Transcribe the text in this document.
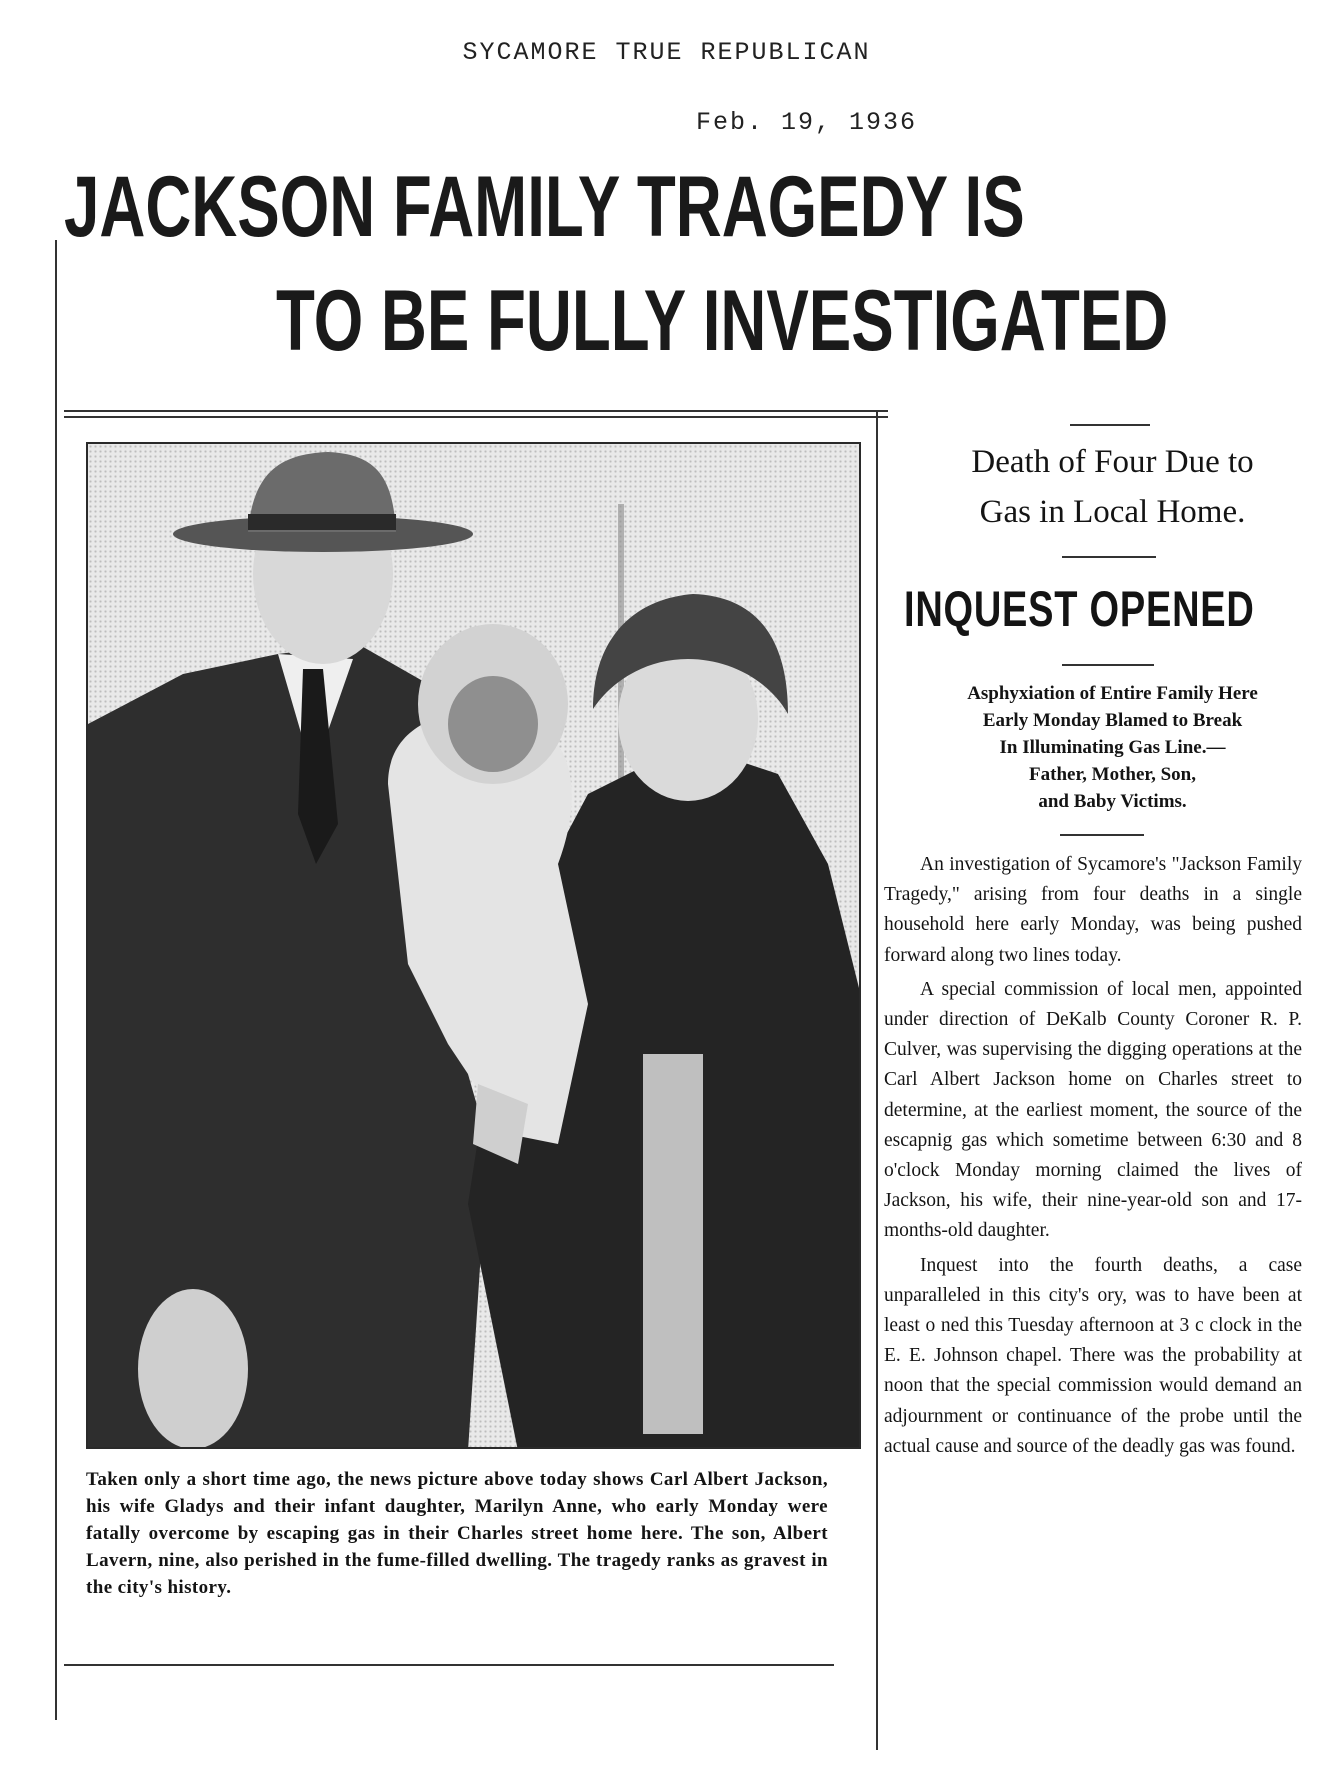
SYCAMORE TRUE REPUBLICAN
Feb. 19, 1936
JACKSON FAMILY TRAGEDY IS
TO BE FULLY INVESTIGATED

Taken only a short time ago, the news picture above today shows Carl Albert Jackson, his wife Gladys and their infant daughter, Marilyn Anne, who early Monday were fatally overcome by escaping gas in their Charles street home here. The son, Albert Lavern, nine, also perished in the fume-filled dwelling. The tragedy ranks as gravest in the city's history.

Death of Four Due to
Gas in Local Home.
INQUEST OPENED
Asphyxiation of Entire Family Here
Early Monday Blamed to Break
In Illuminating Gas Line.—
Father, Mother, Son,
and Baby Victims.

An investigation of Sycamore's "Jackson Family Tragedy," arising from four deaths in a single household here early Monday, was being pushed forward along two lines today.

A special commission of local men, appointed under direction of DeKalb County Coroner R. P. Culver, was supervising the digging operations at the Carl Albert Jackson home on Charles street to determine, at the earliest moment, the source of the escapnig gas which sometime between 6:30 and 8 o'clock Monday morning claimed the lives of Jackson, his wife, their nine-year-old son and 17-months-old daughter.

Inquest into the fourth deaths, a case unparalleled in this city's ory, was to have been at least o ned this Tuesday afternoon at 3 c clock in the E. E. Johnson chapel. There was the probability at noon that the special commission would demand an adjournment or continuance of the probe until the actual cause and source of the deadly gas was found.
